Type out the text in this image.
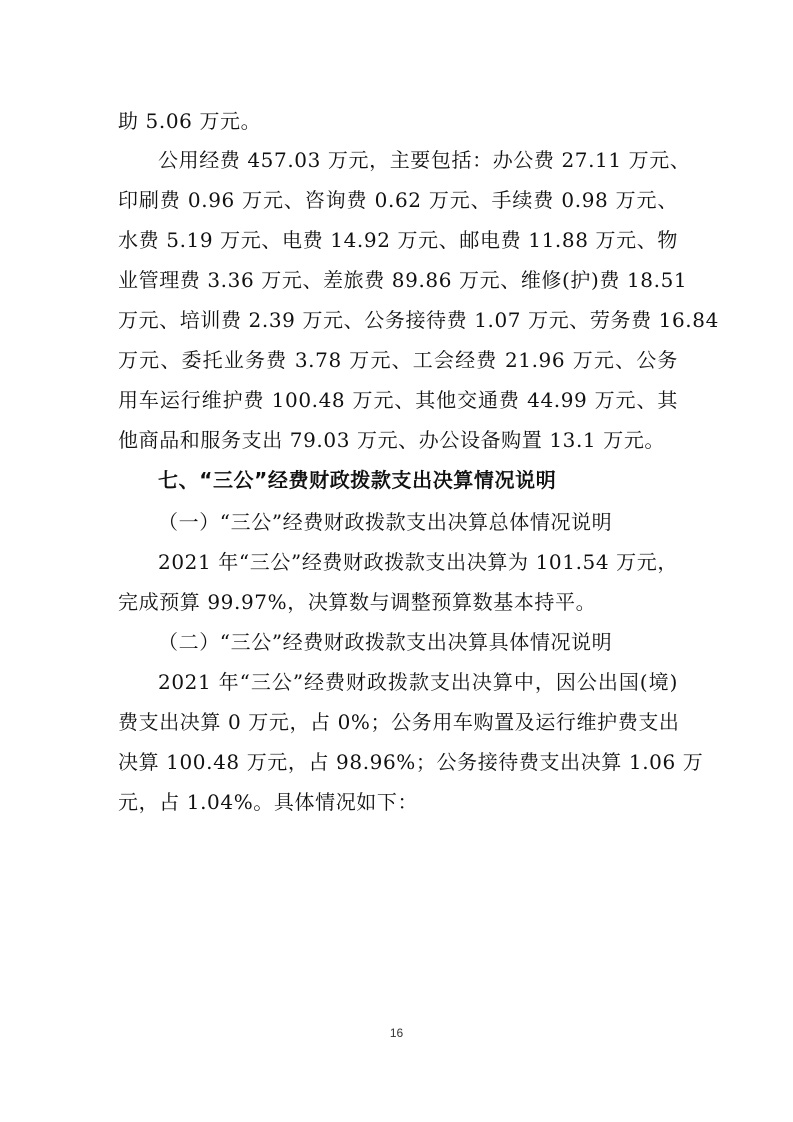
助 5.06 万元。
公用经费 457.03 万元，主要包括：办公费 27.11 万元、
印刷费 0.96 万元、咨询费 0.62 万元、手续费 0.98 万元、
水费 5.19 万元、电费 14.92 万元、邮电费 11.88 万元、物
业管理费 3.36 万元、差旅费 89.86 万元、维修(护)费 18.51
万元、培训费 2.39 万元、公务接待费 1.07 万元、劳务费 16.84
万元、委托业务费 3.78 万元、工会经费 21.96 万元、公务
用车运行维护费 100.48 万元、其他交通费 44.99 万元、其
他商品和服务支出 79.03 万元、办公设备购置 13.1 万元。
七、“三公”经费财政拨款支出决算情况说明
（一）“三公”经费财政拨款支出决算总体情况说明
2021 年“三公”经费财政拨款支出决算为 101.54 万元，
完成预算 99.97%，决算数与调整预算数基本持平。
（二）“三公”经费财政拨款支出决算具体情况说明
2021 年“三公”经费财政拨款支出决算中，因公出国(境)
费支出决算 0 万元，占 0%；公务用车购置及运行维护费支出
决算 100.48 万元，占 98.96%；公务接待费支出决算 1.06 万
元，占 1.04%。具体情况如下：
16
